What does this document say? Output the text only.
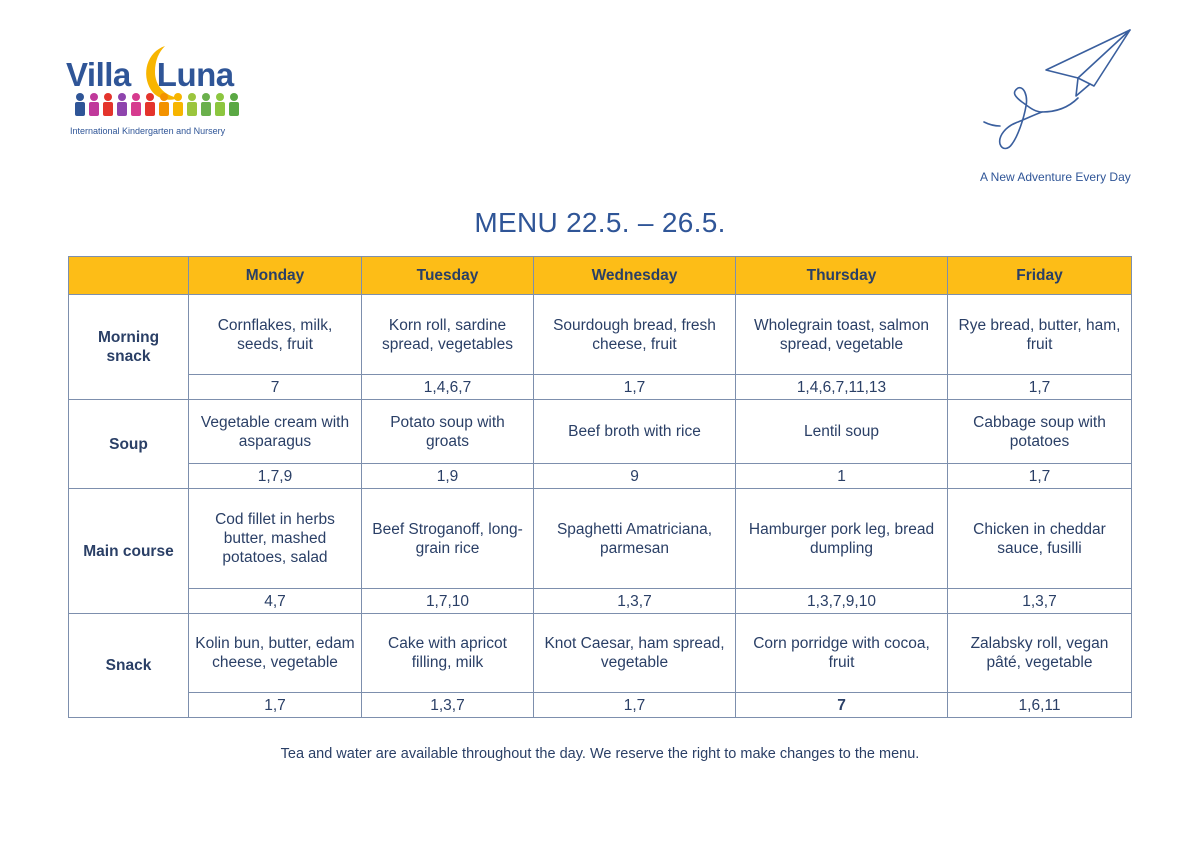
Villa Luna
International Kindergarten and Nursery
A New Adventure Every Day
MENU 22.5. – 26.5.
	Monday	Tuesday	Wednesday	Thursday	Friday
Morning snack	Cornflakes, milk, seeds, fruit	Korn roll, sardine spread, vegetables	Sourdough bread, fresh cheese, fruit	Wholegrain toast, salmon spread, vegetable	Rye bread, butter, ham, fruit
	7	1,4,6,7	1,7	1,4,6,7,11,13	1,7
Soup	Vegetable cream with asparagus	Potato soup with groats	Beef broth with rice	Lentil soup	Cabbage soup with potatoes
	1,7,9	1,9	9	1	1,7
Main course	Cod fillet in herbs butter, mashed potatoes, salad	Beef Stroganoff, long-grain rice	Spaghetti Amatriciana, parmesan	Hamburger pork leg, bread dumpling	Chicken in cheddar sauce, fusilli
	4,7	1,7,10	1,3,7	1,3,7,9,10	1,3,7
Snack	Kolin bun, butter, edam cheese, vegetable	Cake with apricot filling, milk	Knot Caesar, ham spread, vegetable	Corn porridge with cocoa, fruit	Zalabsky roll, vegan pâté, vegetable
	1,7	1,3,7	1,7	7	1,6,11
Tea and water are available throughout the day. We reserve the right to make changes to the menu.
